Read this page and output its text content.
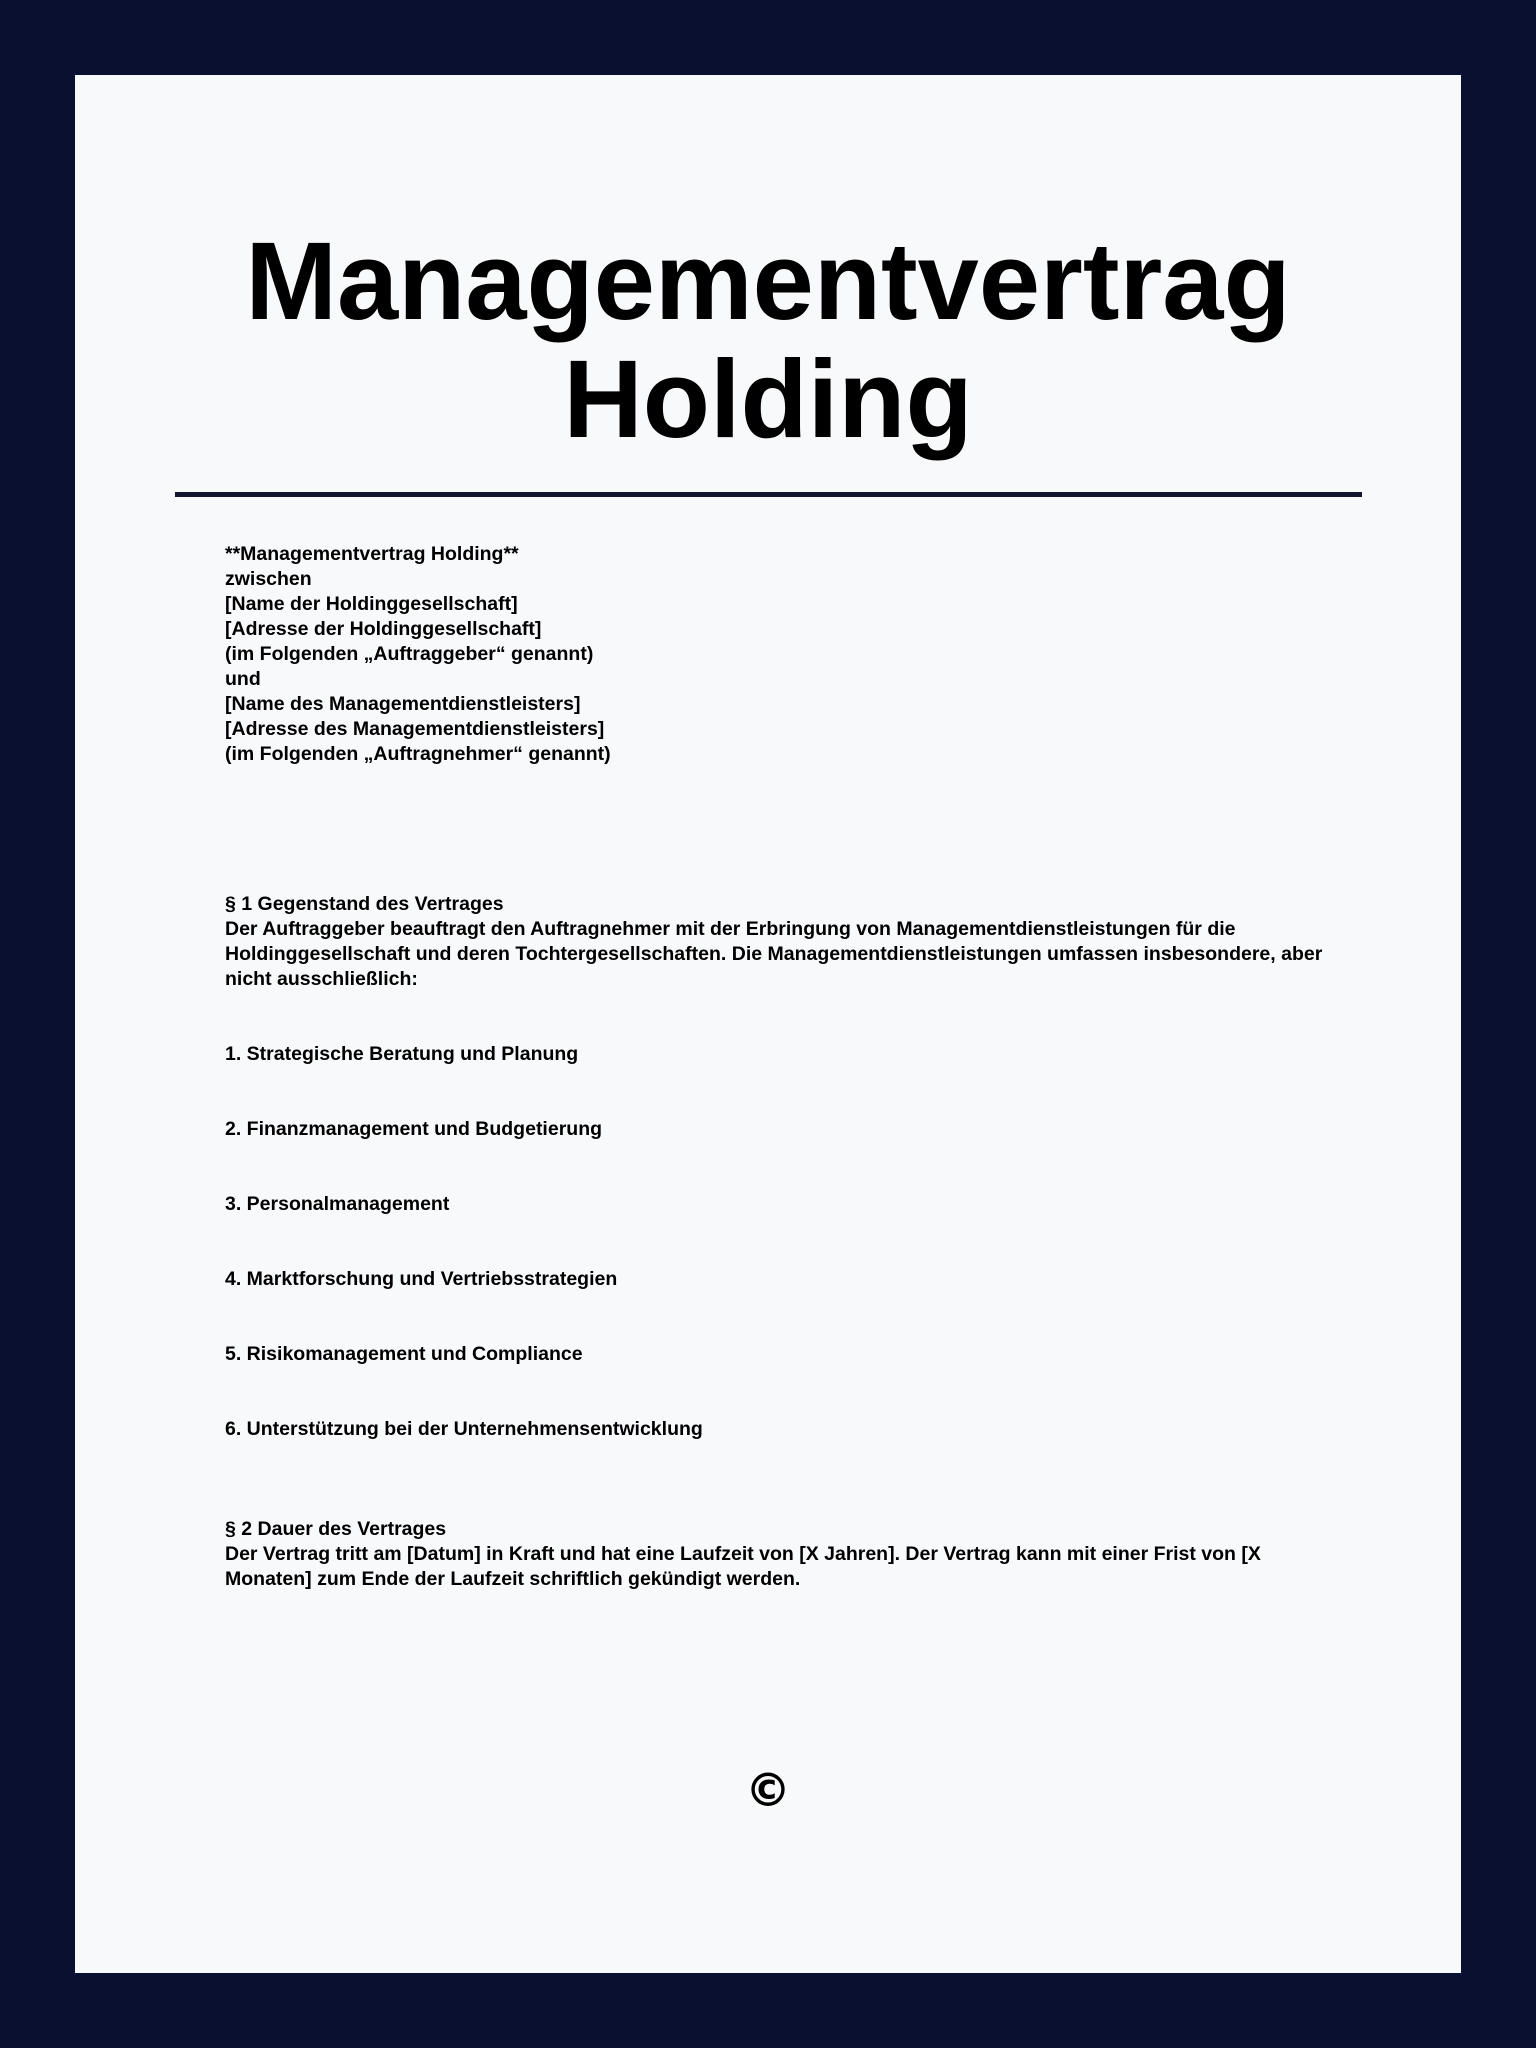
Managementvertrag
Holding
**Managementvertrag Holding**
zwischen
[Name der Holdinggesellschaft]
[Adresse der Holdinggesellschaft]
(im Folgenden „Auftraggeber“ genannt)
und
[Name des Managementdienstleisters]
[Adresse des Managementdienstleisters]
(im Folgenden „Auftragnehmer“ genannt)
§ 1 Gegenstand des Vertrages
Der Auftraggeber beauftragt den Auftragnehmer mit der Erbringung von Managementdienstleistungen für die
Holdinggesellschaft und deren Tochtergesellschaften. Die Managementdienstleistungen umfassen insbesondere, aber
nicht ausschließlich:
1. Strategische Beratung und Planung
2. Finanzmanagement und Budgetierung
3. Personalmanagement
4. Marktforschung und Vertriebsstrategien
5. Risikomanagement und Compliance
6. Unterstützung bei der Unternehmensentwicklung
§ 2 Dauer des Vertrages
Der Vertrag tritt am [Datum] in Kraft und hat eine Laufzeit von [X Jahren]. Der Vertrag kann mit einer Frist von [X
Monaten] zum Ende der Laufzeit schriftlich gekündigt werden.
©
